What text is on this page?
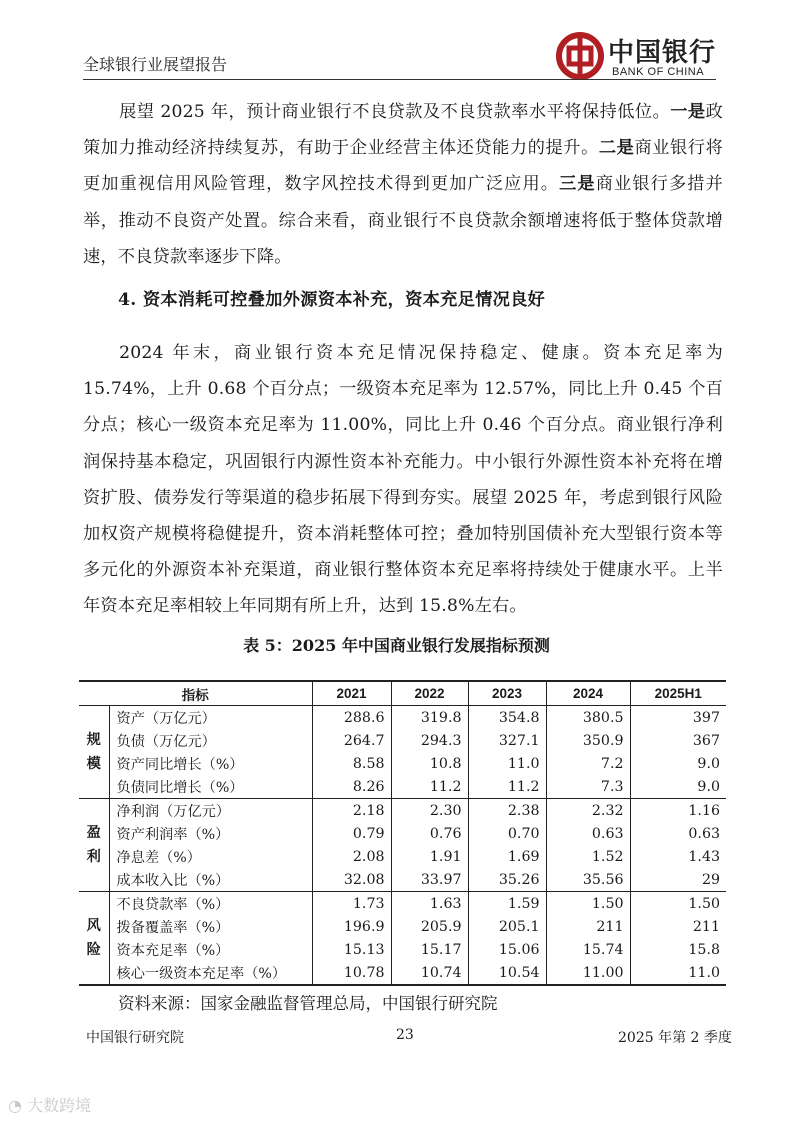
全球银行业展望报告	中国银行
BANK OF CHINA

展望 2025 年，预计商业银行不良贷款及不良贷款率水平将保持低位。一是政策加力推动经济持续复苏，有助于企业经营主体还贷能力的提升。二是商业银行将更加重视信用风险管理，数字风控技术得到更加广泛应用。三是商业银行多措并举，推动不良资产处置。综合来看，商业银行不良贷款余额增速将低于整体贷款增速，不良贷款率逐步下降。

4. 资本消耗可控叠加外源资本补充，资本充足情况良好

2024 年末，商业银行资本充足情况保持稳定、健康。资本充足率为 15.74%，上升 0.68 个百分点；一级资本充足率为 12.57%，同比上升 0.45 个百分点；核心一级资本充足率为 11.00%，同比上升 0.46 个百分点。商业银行净利润保持基本稳定，巩固银行内源性资本补充能力。中小银行外源性资本补充将在增资扩股、债券发行等渠道的稳步拓展下得到夯实。展望 2025 年，考虑到银行风险加权资产规模将稳健提升，资本消耗整体可控；叠加特别国债补充大型银行资本等多元化的外源资本补充渠道，商业银行整体资本充足率将持续处于健康水平。上半年资本充足率相较上年同期有所上升，达到 15.8%左右。

表 5：2025 年中国商业银行发展指标预测
指标		2021	2022	2023	2024	2025H1

规
模	资产（万亿元）	288.6	319.8	354.8	380.5	397
	负债（万亿元）	264.7	294.3	327.1	350.9	367
	资产同比增长（%）	8.58	10.8	11.0	7.2	9.0
	负债同比增长（%）	8.26	11.2	11.2	7.3	9.0

盈
利	净利润（万亿元）	2.18	2.30	2.38	2.32	1.16
	资产利润率（%）	0.79	0.76	0.70	0.63	0.63
	净息差（%）	2.08	1.91	1.69	1.52	1.43
	成本收入比（%）	32.08	33.97	35.26	35.56	29

风
险	不良贷款率（%）	1.73	1.63	1.59	1.50	1.50
	拨备覆盖率（%）	196.9	205.9	205.1	211	211
	资本充足率（%）	15.13	15.17	15.06	15.74	15.8
	核心一级资本充足率（%）	10.78	10.74	10.54	11.00	11.0
资料来源：国家金融监督管理总局，中国银行研究院
中国银行研究院	23	2025 年第 2 季度
◔ 大数跨境
